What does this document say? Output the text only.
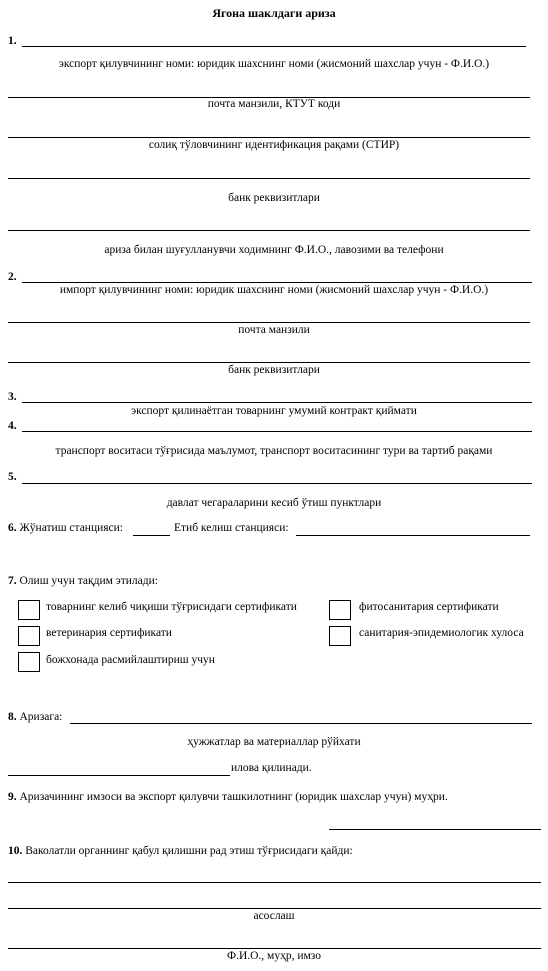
Ягона шаклдаги ариза
1.
экспорт қилувчининг номи: юридик шахснинг номи (жисмоний шахслар учун - Ф.И.О.)
почта манзили, КТУТ коди
солиқ тўловчининг идентификация рақами (СТИР)
банк реквизитлари
ариза билан шуғулланувчи ходимнинг Ф.И.О., лавозими ва телефони
2.
импорт қилувчининг номи: юридик шахснинг номи (жисмоний шахслар учун - Ф.И.О.)
почта манзили
банк реквизитлари
3.
экспорт қилинаётган товарнинг умумий контракт қиймати
4.
транспорт воситаси тўғрисида маълумот, транспорт воситасининг тури ва тартиб рақами
5.
давлат чегараларини кесиб ўтиш пунктлари
6. Жўнатиш станцияси:	Етиб келиш станцияси:
7. Олиш учун тақдим этилади:
товарнинг келиб чиқиши тўғрисидаги сертификати	фитосанитария сертификати
ветеринария сертификати	санитария-эпидемиологик хулоса
божхонада расмийлаштириш учун
8. Аризага:
ҳужжатлар ва материаллар рўйхати
илова қилинади.
9. Аризачининг имзоси ва экспорт қилувчи ташкилотнинг (юридик шахслар учун) муҳри.
10. Ваколатли органнинг қабул қилишни рад этиш тўғрисидаги қайди:
асослаш
Ф.И.О., муҳр, имзо
